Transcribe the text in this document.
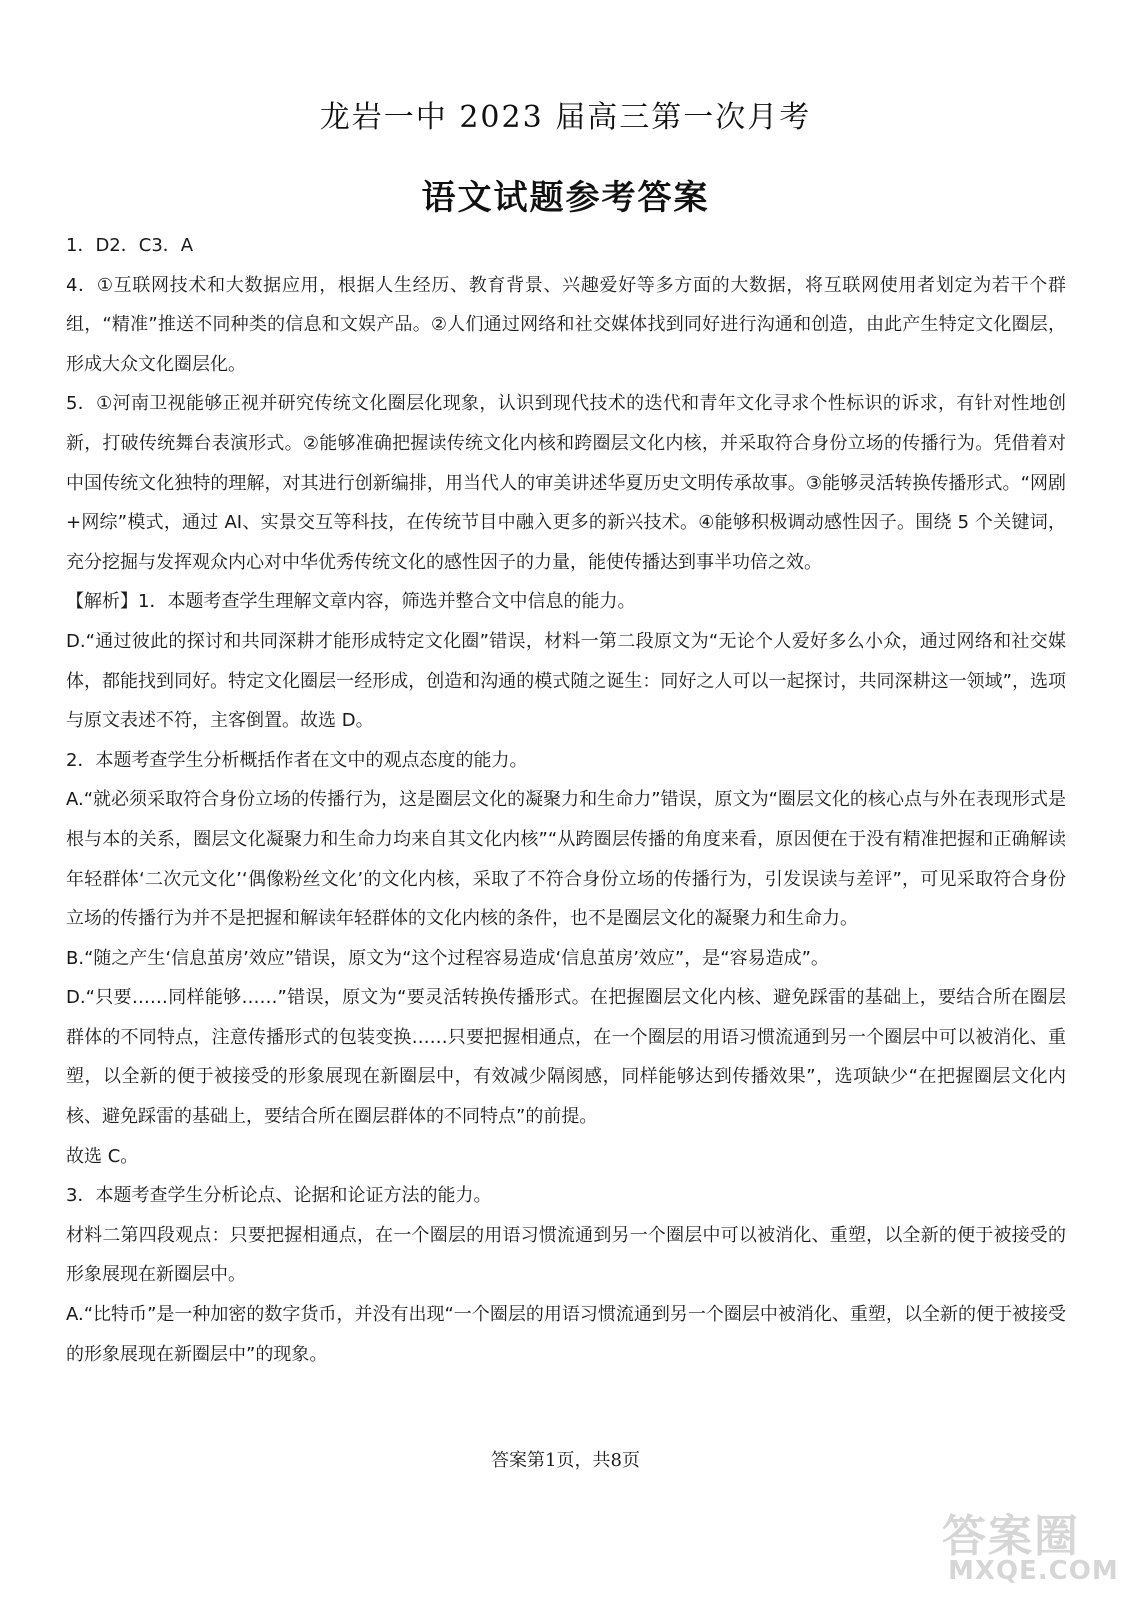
龙岩一中 2023 届高三第一次月考
语文试题参考答案

1．D2．C3．A

4．①互联网技术和大数据应用，根据人生经历、教育背景、兴趣爱好等多方面的大数据，将互联网使用者划定为若干个群组，“精准”推送不同种类的信息和文娱产品。②人们通过网络和社交媒体找到同好进行沟通和创造，由此产生特定文化圈层，形成大众文化圈层化。

5．①河南卫视能够正视并研究传统文化圈层化现象，认识到现代技术的迭代和青年文化寻求个性标识的诉求，有针对性地创新，打破传统舞台表演形式。②能够准确把握读传统文化内核和跨圈层文化内核，并采取符合身份立场的传播行为。凭借着对中国传统文化独特的理解，对其进行创新编排，用当代人的审美讲述华夏历史文明传承故事。③能够灵活转换传播形式。“网剧+网综”模式，通过 AI、实景交互等科技，在传统节目中融入更多的新兴技术。④能够积极调动感性因子。围绕 5 个关键词，充分挖掘与发挥观众内心对中华优秀传统文化的感性因子的力量，能使传播达到事半功倍之效。

【解析】1．本题考查学生理解文章内容，筛选并整合文中信息的能力。

D.“通过彼此的探讨和共同深耕才能形成特定文化圈”错误，材料一第二段原文为“无论个人爱好多么小众，通过网络和社交媒体，都能找到同好。特定文化圈层一经形成，创造和沟通的模式随之诞生：同好之人可以一起探讨，共同深耕这一领域”，选项与原文表述不符，主客倒置。故选 D。

2．本题考查学生分析概括作者在文中的观点态度的能力。

A.“就必须采取符合身份立场的传播行为，这是圈层文化的凝聚力和生命力”错误，原文为“圈层文化的核心点与外在表现形式是根与本的关系，圈层文化凝聚力和生命力均来自其文化内核”“从跨圈层传播的角度来看，原因便在于没有精准把握和正确解读年轻群体‘二次元文化’‘偶像粉丝文化’的文化内核，采取了不符合身份立场的传播行为，引发误读与差评”，可见采取符合身份立场的传播行为并不是把握和解读年轻群体的文化内核的条件，也不是圈层文化的凝聚力和生命力。

B.“随之产生‘信息茧房’效应”错误，原文为“这个过程容易造成‘信息茧房’效应”，是“容易造成”。

D.“只要……同样能够……”错误，原文为“要灵活转换传播形式。在把握圈层文化内核、避免踩雷的基础上，要结合所在圈层群体的不同特点，注意传播形式的包装变换……只要把握相通点，在一个圈层的用语习惯流通到另一个圈层中可以被消化、重塑，以全新的便于被接受的形象展现在新圈层中，有效减少隔阂感，同样能够达到传播效果”，选项缺少“在把握圈层文化内核、避免踩雷的基础上，要结合所在圈层群体的不同特点”的前提。

故选 C。

3．本题考查学生分析论点、论据和论证方法的能力。

材料二第四段观点：只要把握相通点，在一个圈层的用语习惯流通到另一个圈层中可以被消化、重塑，以全新的便于被接受的形象展现在新圈层中。

A.“比特币”是一种加密的数字货币，并没有出现“一个圈层的用语习惯流通到另一个圈层中被消化、重塑，以全新的便于被接受的形象展现在新圈层中”的现象。

答案第1页，共8页
答案圈
MXQE.COM
